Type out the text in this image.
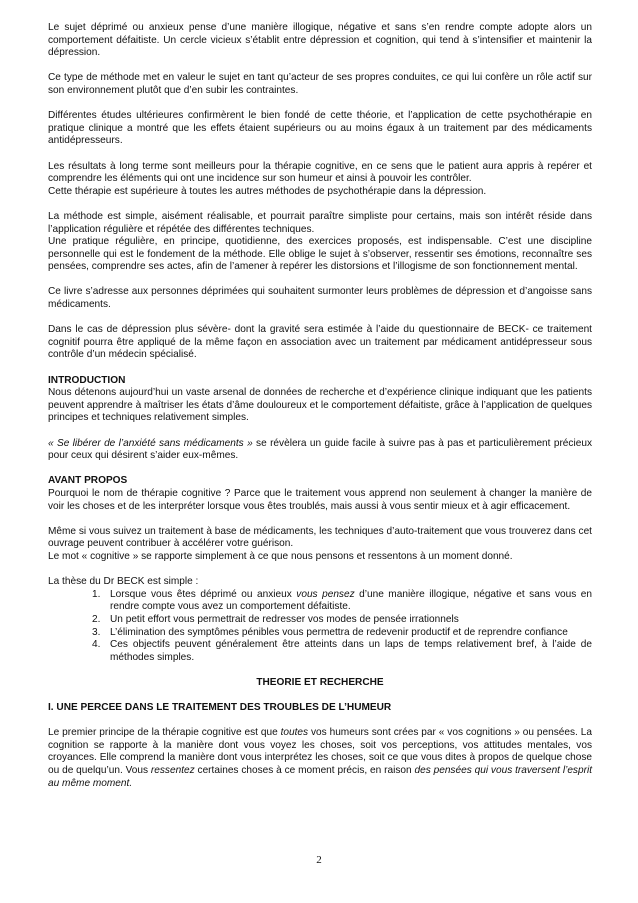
Le sujet déprimé ou anxieux pense d’une manière illogique, négative et sans s’en rendre compte adopte alors un comportement défaitiste. Un cercle vicieux s’établit entre dépression et cognition, qui tend à s’intensifier et maintenir la dépression.

Ce type de méthode met en valeur le sujet en tant qu’acteur de ses propres conduites, ce qui lui confère un rôle actif sur son environnement plutôt que d’en subir les contraintes.

Différentes études ultérieures confirmèrent le bien fondé de cette théorie, et l’application de cette psychothérapie en pratique clinique a montré que les effets étaient supérieurs ou au moins égaux à un traitement par des médicaments antidépresseurs.

Les résultats à long terme sont meilleurs pour la thérapie cognitive, en ce sens que le patient aura appris à repérer et comprendre les éléments qui ont une incidence sur son humeur et ainsi à pouvoir les contrôler.
Cette thérapie est supérieure à toutes les autres méthodes de psychothérapie dans la dépression.

La méthode est simple, aisément réalisable, et pourrait paraître simpliste pour certains, mais son intérêt réside dans l’application régulière et répétée des différentes techniques.
Une pratique régulière, en principe, quotidienne, des exercices proposés, est indispensable. C’est une discipline personnelle qui est le fondement de la méthode. Elle oblige le sujet à s’observer, ressentir ses émotions, reconnaître ses pensées, comprendre ses actes, afin de l’amener à repérer les distorsions et l’illogisme de son fonctionnement mental.

Ce livre s’adresse aux personnes déprimées qui souhaitent surmonter leurs problèmes de dépression et d’angoisse sans médicaments.

Dans le cas de dépression plus sévère- dont la gravité sera estimée à l’aide du questionnaire de BECK- ce traitement cognitif pourra être appliqué de la même façon en association avec un traitement par médicament antidépresseur sous contrôle d’un médecin spécialisé.

INTRODUCTION
Nous détenons aujourd’hui un vaste arsenal de données de recherche et d’expérience clinique indiquant que les patients peuvent apprendre à maîtriser les états d’âme douloureux et le comportement défaitiste, grâce à l’application de quelques principes et techniques relativement simples.

« Se libérer de l’anxiété sans médicaments » se révèlera un guide facile à suivre pas à pas et particulièrement précieux pour ceux qui désirent s’aider eux-mêmes.

AVANT PROPOS
Pourquoi le nom de thérapie cognitive ? Parce que le traitement vous apprend non seulement à changer la manière de voir les choses et de les interpréter lorsque vous êtes troublés, mais aussi à vous sentir mieux et à agir efficacement.

Même si vous suivez un traitement à base de médicaments, les techniques d’auto-traitement que vous trouverez dans cet ouvrage peuvent contribuer à accélérer votre guérison.
Le mot « cognitive » se rapporte simplement à ce que nous pensons et ressentons à un moment donné.

La thèse du Dr BECK est simple :
1. Lorsque vous êtes déprimé ou anxieux vous pensez d’une manière illogique, négative et sans vous en rendre compte vous avez un comportement défaitiste.
2. Un petit effort vous permettrait de redresser vos modes de pensée irrationnels
3. L’élimination des symptômes pénibles vous permettra de redevenir productif et de reprendre confiance
4. Ces objectifs peuvent généralement être atteints dans un laps de temps relativement bref, à l’aide de méthodes simples.
THEORIE ET RECHERCHE
I. UNE PERCEE DANS LE TRAITEMENT DES TROUBLES DE L’HUMEUR

Le premier principe de la thérapie cognitive est que toutes vos humeurs sont crées par « vos cognitions » ou pensées. La cognition se rapporte à la manière dont vous voyez les choses, soit vos perceptions, vos attitudes mentales, vos croyances. Elle comprend la manière dont vous interprétez les choses, soit ce que vous dites à propos de quelque chose ou de quelqu’un. Vous ressentez certaines choses à ce moment précis, en raison des pensées qui vous traversent l’esprit au même moment.

2
